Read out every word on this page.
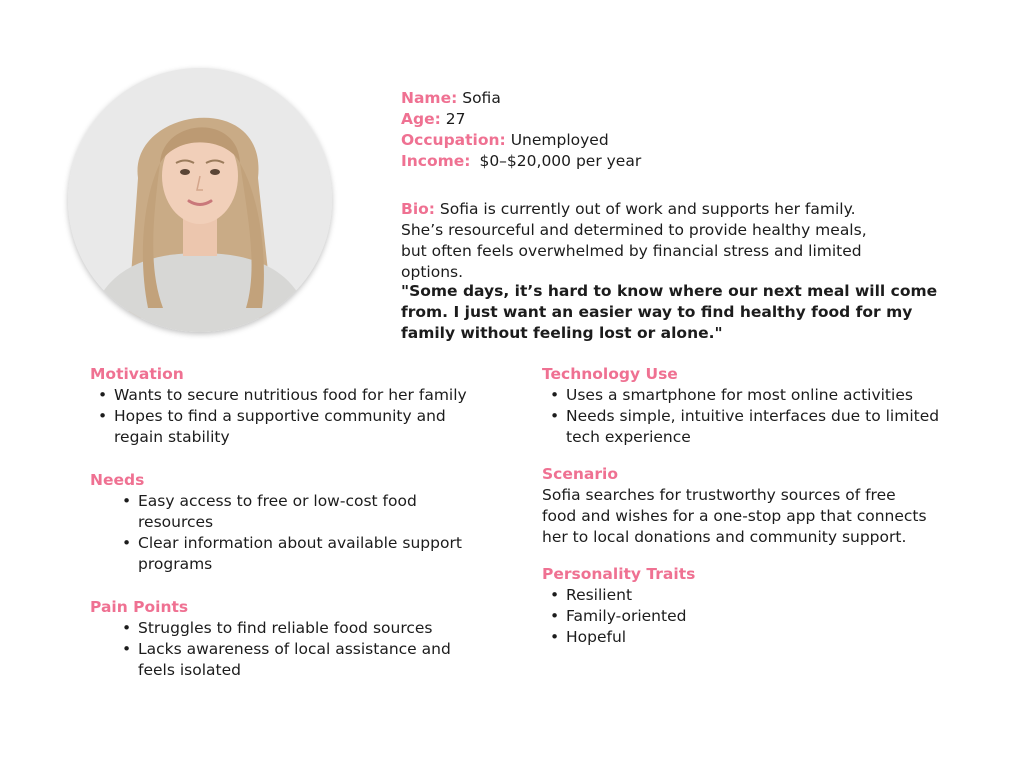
Name: Sofia
Age: 27
Occupation: Unemployed
Income: $0–$20,000 per year
Bio: Sofia is currently out of work and supports her family. She’s resourceful and determined to provide healthy meals, but often feels overwhelmed by financial stress and limited options.
"Some days, it’s hard to know where our next meal will come from. I just want an easier way to find healthy food for my family without feeling lost or alone."
Motivation
• Wants to secure nutritious food for her family
• Hopes to find a supportive community and regain stability
Needs
• Easy access to free or low-cost food resources
• Clear information about available support programs
Pain Points
• Struggles to find reliable food sources
• Lacks awareness of local assistance and feels isolated
Technology Use
• Uses a smartphone for most online activities
• Needs simple, intuitive interfaces due to limited tech experience
Scenario

Sofia searches for trustworthy sources of free food and wishes for a one-stop app that connects her to local donations and community support.

Personality Traits
• Resilient
• Family-oriented
• Hopeful
